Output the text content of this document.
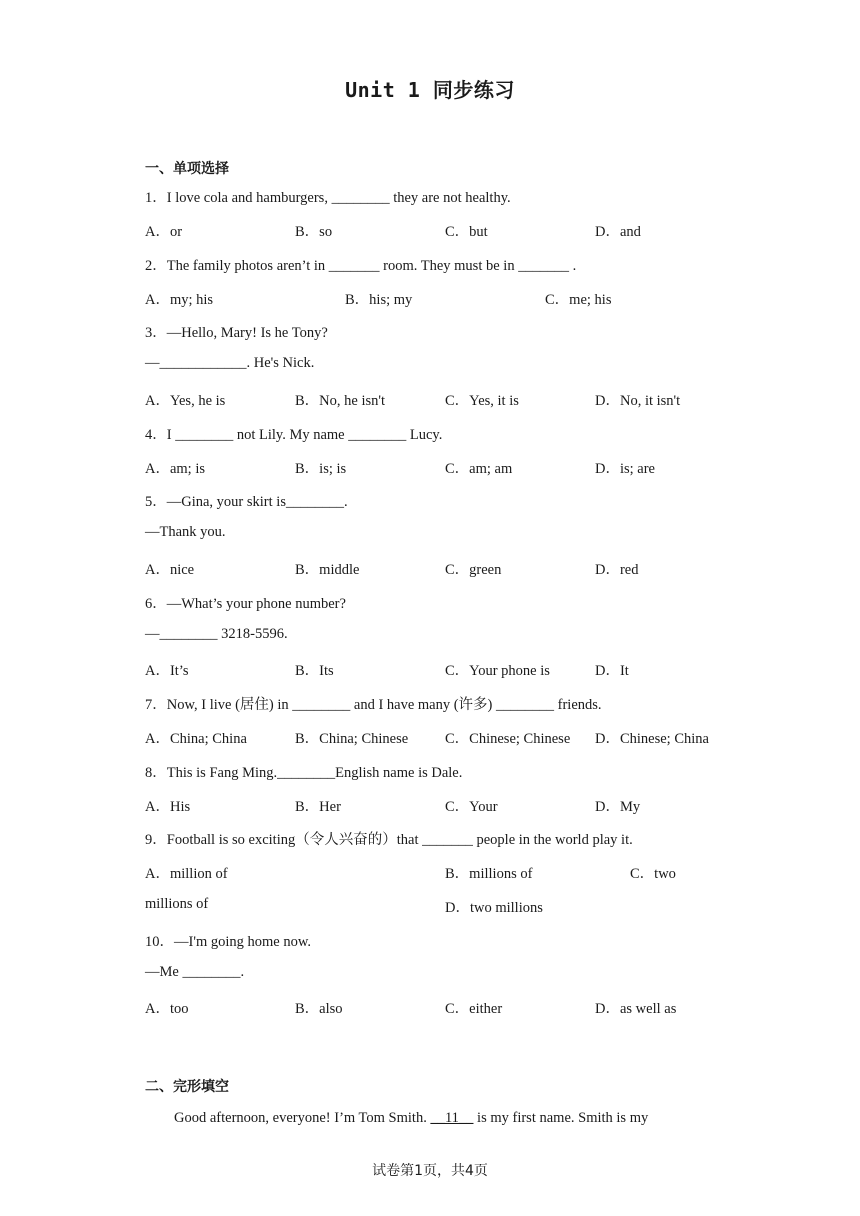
Unit 1 同步练习
一、单项选择
1．I love cola and hamburgers, ________ they are not healthy.
A．or	B．so	C．but	D．and
2．The family photos aren’t in _______ room. They must be in _______ .
A．my; his	B．his; my	C．me; his
3．—Hello, Mary! Is he Tony?
—____________. He's Nick.
A．Yes, he is	B．No, he isn't	C．Yes, it is	D．No, it isn't
4．I ________ not Lily. My name ________ Lucy.
A．am; is	B．is; is	C．am; am	D．is; are
5．—Gina, your skirt is________.
—Thank you.
A．nice	B．middle	C．green	D．red
6．—What’s your phone number?
—________ 3218-5596.
A．It’s	B．Its	C．Your phone is	D．It
7．Now, I live (居住) in ________ and I have many (许多) ________ friends.
A．China; China	B．China; Chinese	C．Chinese; Chinese D．Chinese; China
8．This is Fang Ming.________English name is Dale.
A．His	B．Her	C．Your	D．My
9．Football is so exciting（令人兴奋的）that _______ people in the world play it.
A．million of	B．millions of	C．two
millions of	D．two millions
10．—I'm going home now.
—Me ________.
A．too	B．also	C．either	D．as well as
二、完形填空
Good afternoon, everyone! I’m Tom Smith. __11__ is my first name. Smith is my
试卷第1页，共4页
